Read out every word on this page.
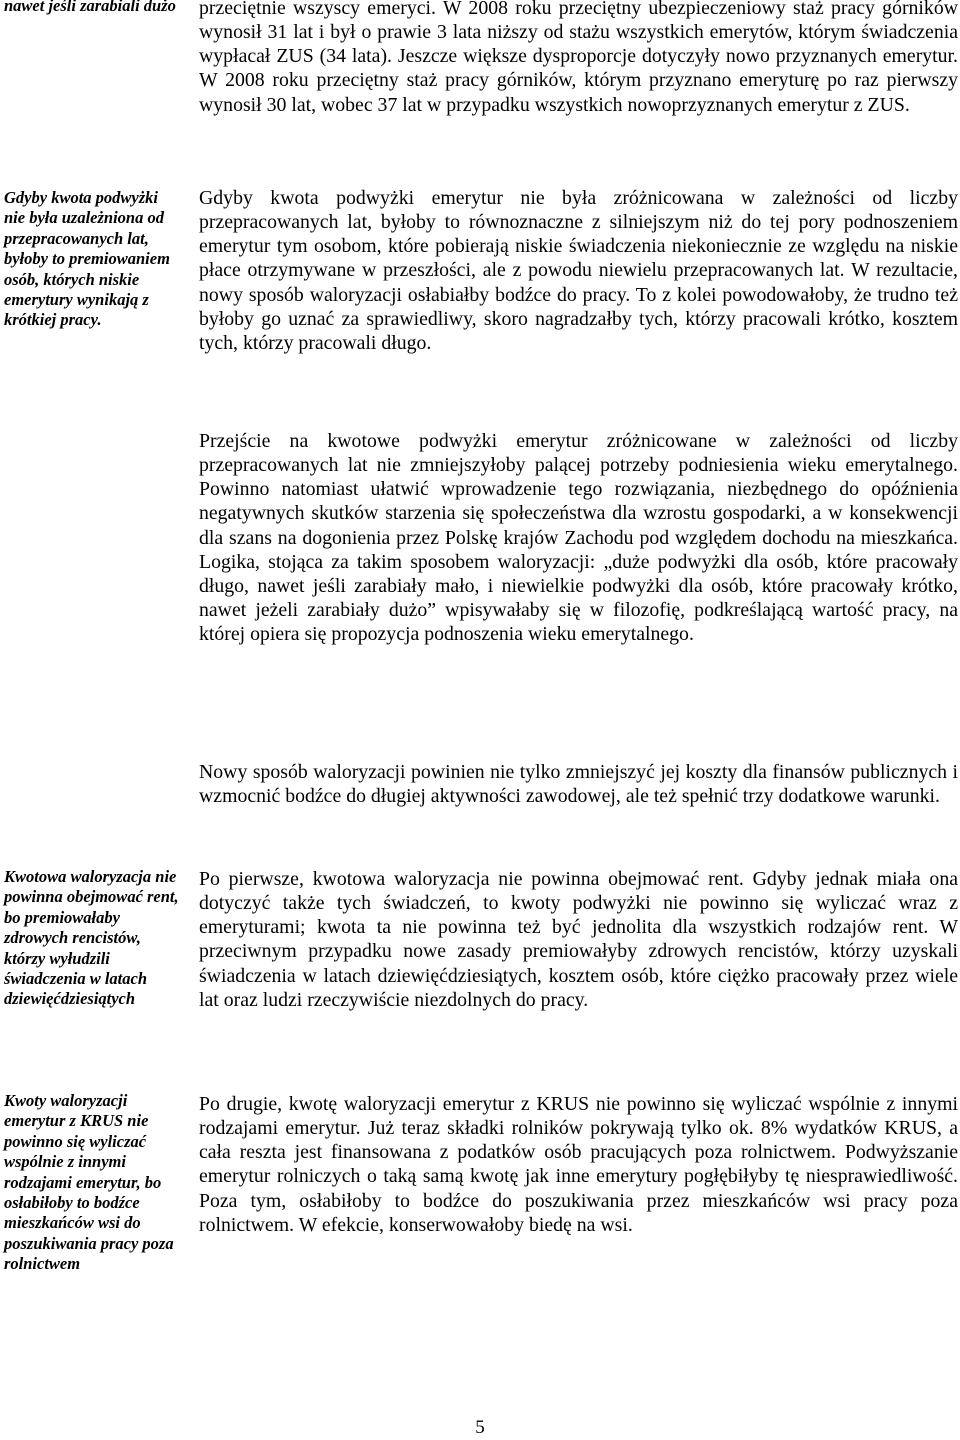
nawet jeśli zarabiali dużo

Gdyby kwota podwyżki nie była uzależniona od przepracowanych lat, byłoby to premiowaniem osób, których niskie emerytury wynikają z krótkiej pracy.

Kwotowa waloryzacja nie powinna obejmować rent, bo premiowałaby zdrowych rencistów, którzy wyłudzili świadczenia w latach dziewięćdziesiątych

Kwoty waloryzacji emerytur z KRUS nie powinno się wyliczać wspólnie z innymi rodzajami emerytur, bo osłabiłoby to bodźce mieszkańców wsi do poszukiwania pracy poza rolnictwem

przeciętnie wszyscy emeryci. W 2008 roku przeciętny ubezpieczeniowy staż pracy górników wynosił 31 lat i był o prawie 3 lata niższy od stażu wszystkich emerytów, którym świadczenia wypłacał ZUS (34 lata). Jeszcze większe dysproporcje dotyczyły nowo przyznanych emerytur. W 2008 roku przeciętny staż pracy górników, którym przyznano emeryturę po raz pierwszy wynosił 30 lat, wobec 37 lat w przypadku wszystkich nowoprzyznanych emerytur z ZUS.

Gdyby kwota podwyżki emerytur nie była zróżnicowana w zależności od liczby przepracowanych lat, byłoby to równoznaczne z silniejszym niż do tej pory podnoszeniem emerytur tym osobom, które pobierają niskie świadczenia niekoniecznie ze względu na niskie płace otrzymywane w przeszłości, ale z powodu niewielu przepracowanych lat. W rezultacie, nowy sposób waloryzacji osłabiałby bodźce do pracy. To z kolei powodowałoby, że trudno też byłoby go uznać za sprawiedliwy, skoro nagradzałby tych, którzy pracowali krótko, kosztem tych, którzy pracowali długo.

Przejście na kwotowe podwyżki emerytur zróżnicowane w zależności od liczby przepracowanych lat nie zmniejszyłoby palącej potrzeby podniesienia wieku emerytalnego. Powinno natomiast ułatwić wprowadzenie tego rozwiązania, niezbędnego do opóźnienia negatywnych skutków starzenia się społeczeństwa dla wzrostu gospodarki, a w konsekwencji dla szans na dogonienia przez Polskę krajów Zachodu pod względem dochodu na mieszkańca. Logika, stojąca za takim sposobem waloryzacji: „duże podwyżki dla osób, które pracowały długo, nawet jeśli zarabiały mało, i niewielkie podwyżki dla osób, które pracowały krótko, nawet jeżeli zarabiały dużo” wpisywałaby się w filozofię, podkreślającą wartość pracy, na której opiera się propozycja podnoszenia wieku emerytalnego.

Nowy sposób waloryzacji powinien nie tylko zmniejszyć jej koszty dla finansów publicznych i wzmocnić bodźce do długiej aktywności zawodowej, ale też spełnić trzy dodatkowe warunki.

Po pierwsze, kwotowa waloryzacja nie powinna obejmować rent. Gdyby jednak miała ona dotyczyć także tych świadczeń, to kwoty podwyżki nie powinno się wyliczać wraz z emeryturami; kwota ta nie powinna też być jednolita dla wszystkich rodzajów rent. W przeciwnym przypadku nowe zasady premiowałyby zdrowych rencistów, którzy uzyskali świadczenia w latach dziewięćdziesiątych, kosztem osób, które ciężko pracowały przez wiele lat oraz ludzi rzeczywiście niezdolnych do pracy.

Po drugie, kwotę waloryzacji emerytur z KRUS nie powinno się wyliczać wspólnie z innymi rodzajami emerytur. Już teraz składki rolników pokrywają tylko ok. 8% wydatków KRUS, a cała reszta jest finansowana z podatków osób pracujących poza rolnictwem. Podwyższanie emerytur rolniczych o taką samą kwotę jak inne emerytury pogłębiłyby tę niesprawiedliwość. Poza tym, osłabiłoby to bodźce do poszukiwania przez mieszkańców wsi pracy poza rolnictwem. W efekcie, konserwowałoby biedę na wsi.

5
